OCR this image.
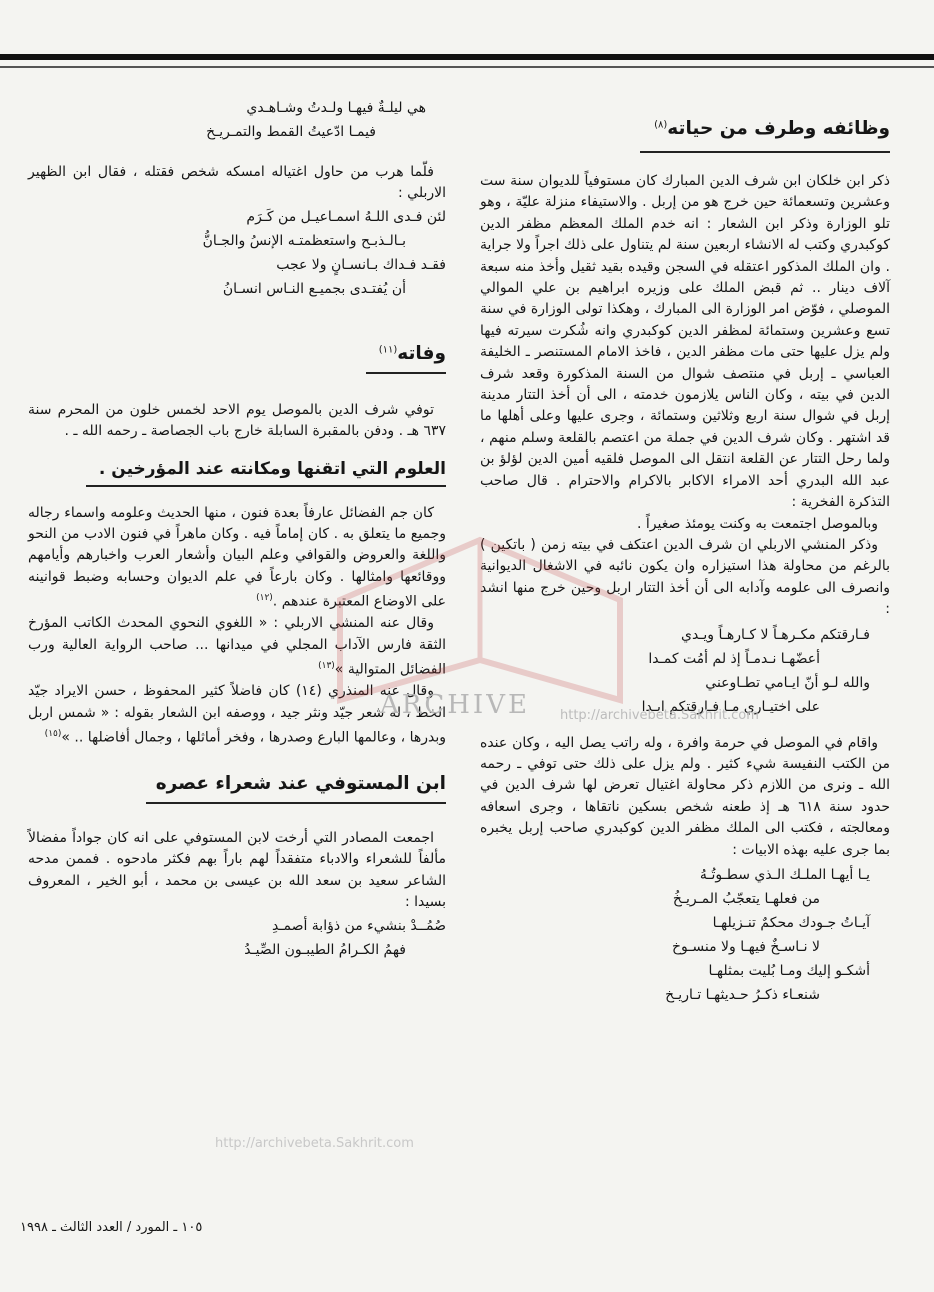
وظائفه وطرف من حياته$^{(٨)}$

ذكر ابن خلكان ابن شرف الدين المبارك كان مستوفياً للديوان سنة ست وعشرين وتسعمائة حين خرج هو من إربل . والاستيفاء منزلة عليّة ، وهو تلو الوزارة وذكر ابن الشعار : انه خدم الملك المعظم مظفر الدين كوكبدري وكتب له الانشاء اربعين سنة لم يتناول على ذلك اجراً ولا جراية . وان الملك المذكور اعتقله في السجن وقيده بقيد ثقيل وأخذ منه سبعة آلاف دينار .. ثم قبض الملك على وزيره ابراهيم بن علي الموالي الموصلي ، فوّض امر الوزارة الى المبارك ، وهكذا تولى الوزارة في سنة تسع وعشرين وستمائة لمظفر الدين كوكبدري وانه شُكرت سيرته فيها ولم يزل عليها حتى مات مظفر الدين ، فاخذ الامام المستنصر ـ الخليفة العباسي ـ إربل في منتصف شوال من السنة المذكورة وقعد شرف الدين في بيته ، وكان الناس يلازمون خدمته ، الى أن أخذ التتار مدينة إربل في شوال سنة اربع وثلاثين وستمائة ، وجرى عليها وعلى أهلها ما قد اشتهر . وكان شرف الدين في جملة من اعتصم بالقلعة وسلم منهم ، ولما رحل التتار عن القلعة انتقل الى الموصل فلقيه أمين الدين لؤلؤ بن عبد الله البدري أحد الامراء الاكابر بالاكرام والاحترام . قال صاحب التذكرة الفخرية :

وبالموصل اجتمعت به وكنت يومئذ صغيراً .

وذكر المنشي الاربلي ان شرف الدين اعتكف في بيته زمن ( باتكين ) بالرغم من محاولة هذا استيزاره وان يكون نائبه في الاشغال الديوانية وانصرف الى علومه وآدابه الى أن أخذ التتار اربل وحين خرج منها انشد :

فـارقتكم مكـرهـاً لا كـارهـاً ويـدي
أعضّهـا نـدمـاً إذ لم أمُت كمـدا
والله لـو أنّ ايـامي تطـاوعني
على اختيـاري مـا فـارقتكم ابـدا

واقام في الموصل في حرمة وافرة ، وله راتب يصل اليه ، وكان عنده من الكتب النفيسة شيء كثير . ولم يزل على ذلك حتى توفي ـ رحمه الله ـ ونرى من اللازم ذكر محاولة اغتيال تعرض لها شرف الدين في حدود سنة ٦١٨ هـ إذ طعنه شخص بسكين ناتقاها ، وجرى اسعافه ومعالجته ، فكتب الى الملك مظفر الدين كوكبدري صاحب إربل يخبره بما جرى عليه بهذه الابيات :

يـا أيهـا الملـك الـذي سطـوتُـهُ
من فعلهـا يتعجّبُ المـريـخُ
آيـاتُ جـودك محكمٌ تنـزيلهـا
لا نـاسـخٌ فيهـا ولا منسـوخ
أشكـو إليك ومـا بُليت بمثلهـا
شنعـاء ذكـرُ حـديثهـا تـاريـخ
هي ليلـةٌ فيهـا ولـدتُ وشـاهـدي
فيمـا ادّعيتُ القمط والتمـريـخ

فلّما هرب من حاول اغتياله امسكه شخص فقتله ، فقال ابن الظهير الاربلي :

لئن فـدى اللـهُ اسمـاعيـل من كَـرَم
بـالـذبـح واستعظمتـه الإنسُ والجـانُّ
فقـد فـداك بـانسـانٍ ولا عجب
أن يُفتـدى بجميـع النـاس انسـانُ
وفاته$^{(١١)}$

توفي شرف الدين بالموصل يوم الاحد لخمس خلون من المحرم سنة ٦٣٧ هـ . ودفن بالمقبرة السابلة خارج باب الجصاصة ـ رحمه الله ـ .

العلوم التي اتقنها ومكانته عند المؤرخين .

كان جم الفضائل عارفاً بعدة فنون ، منها الحديث وعلومه واسماء رجاله وجميع ما يتعلق به . كان إماماً فيه . وكان ماهراً في فنون الادب من النحو واللغة والعروض والقوافي وعلم البيان وأشعار العرب واخبارهم وأيامهم ووقائعها وامثالها . وكان بارعاً في علم الديوان وحسابه وضبط قوانينه على الاوضاع المعتبرة عندهم .$^{(١٢)}$

وقال عنه المنشي الاربلي : « اللغوي النحوي المحدث الكاتب المؤرخ الثقة فارس الآداب المجلي في ميدانها ... صاحب الرواية العالية ورب الفضائل المتوالية »$^{(١٣)}$

وقال عنه المنذري (١٤) كان فاضلاً كثير المحفوظ ، حسن الايراد جيّد الخط ، له شعر جيّد ونثر جيد ، ووصفه ابن الشعار بقوله : « شمس اربل وبدرها ، وعالمها البارع وصدرها ، وفخر أماثلها ، وجمال أفاضلها .. »$^{(١٥)}$

ابن المستوفي عند شعراء عصره

اجمعت المصادر التي أرخت لابن المستوفي على انه كان جواداً مفضالاً مألفاً للشعراء والادباء متفقداً لهم باراً بهم فكثر مادحوه . فممن مدحه الشاعر سعيد بن سعد الله بن عيسى بن محمد ، أبو الخير ، المعروف بسيدا :

صُمُــدْ بنشيء من ذؤابة أصمـدِ
فهمُ الكـرامُ الطيبـون الصِّيـدُ
ARCHIVE http://archivebeta.Sakhrit.com
http://archivebeta.Sakhrit.com
١٠٥ ـ المورد / العدد الثالث ـ ١٩٩٨
